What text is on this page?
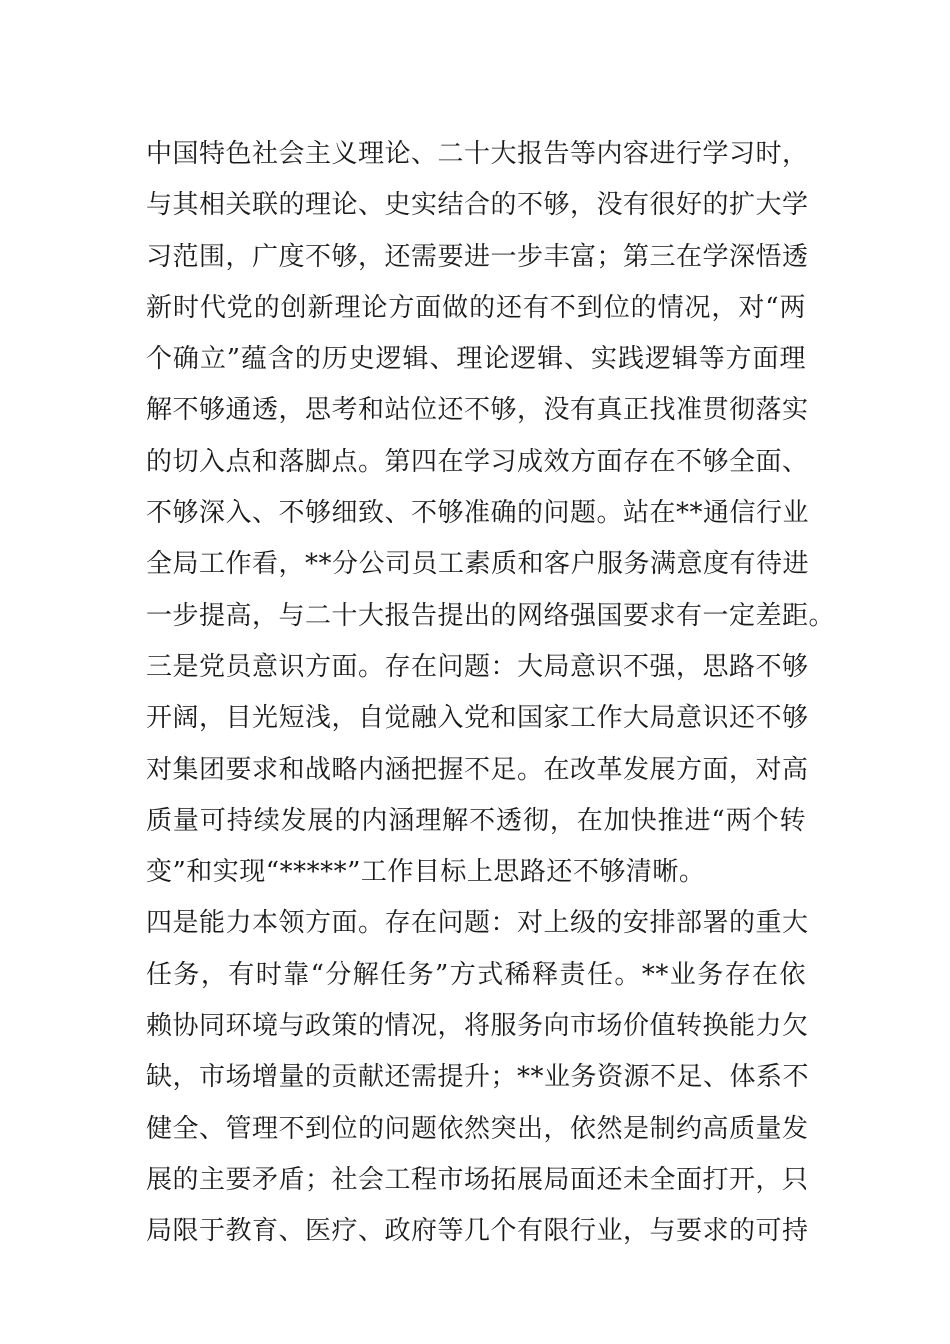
中国特色社会主义理论、二十大报告等内容进行学习时，
与其相关联的理论、史实结合的不够，没有很好的扩大学
习范围，广度不够，还需要进一步丰富；第三在学深悟透
新时代党的创新理论方面做的还有不到位的情况，对“两
个确立”蕴含的历史逻辑、理论逻辑、实践逻辑等方面理
解不够通透，思考和站位还不够，没有真正找准贯彻落实
的切入点和落脚点。第四在学习成效方面存在不够全面、
不够深入、不够细致、不够准确的问题。站在**通信行业
全局工作看，**分公司员工素质和客户服务满意度有待进
一步提高，与二十大报告提出的网络强国要求有一定差距。
三是党员意识方面。存在问题：大局意识不强，思路不够
开阔，目光短浅，自觉融入党和国家工作大局意识还不够
对集团要求和战略内涵把握不足。在改革发展方面，对高
质量可持续发展的内涵理解不透彻，在加快推进“两个转
变”和实现“*****”工作目标上思路还不够清晰。
四是能力本领方面。存在问题：对上级的安排部署的重大
任务，有时靠“分解任务”方式稀释责任。**业务存在依
赖协同环境与政策的情况，将服务向市场价值转换能力欠
缺，市场增量的贡献还需提升；**业务资源不足、体系不
健全、管理不到位的问题依然突出，依然是制约高质量发
展的主要矛盾；社会工程市场拓展局面还未全面打开，只
局限于教育、医疗、政府等几个有限行业，与要求的可持
